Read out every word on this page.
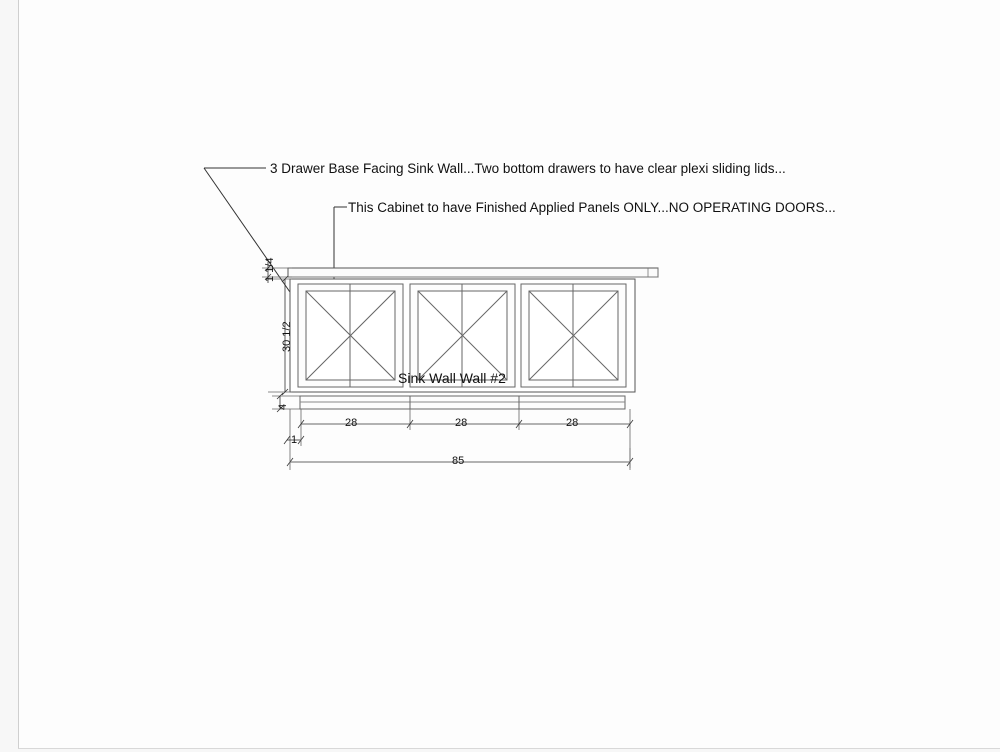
3 Drawer Base Facing Sink Wall...Two bottom drawers to have clear plexi sliding lids...
This Cabinet to have Finished Applied Panels ONLY...NO OPERATING DOORS...
Sink Wall Wall #2
1 1/4
30 1/2
4
1
28	28	28
85
